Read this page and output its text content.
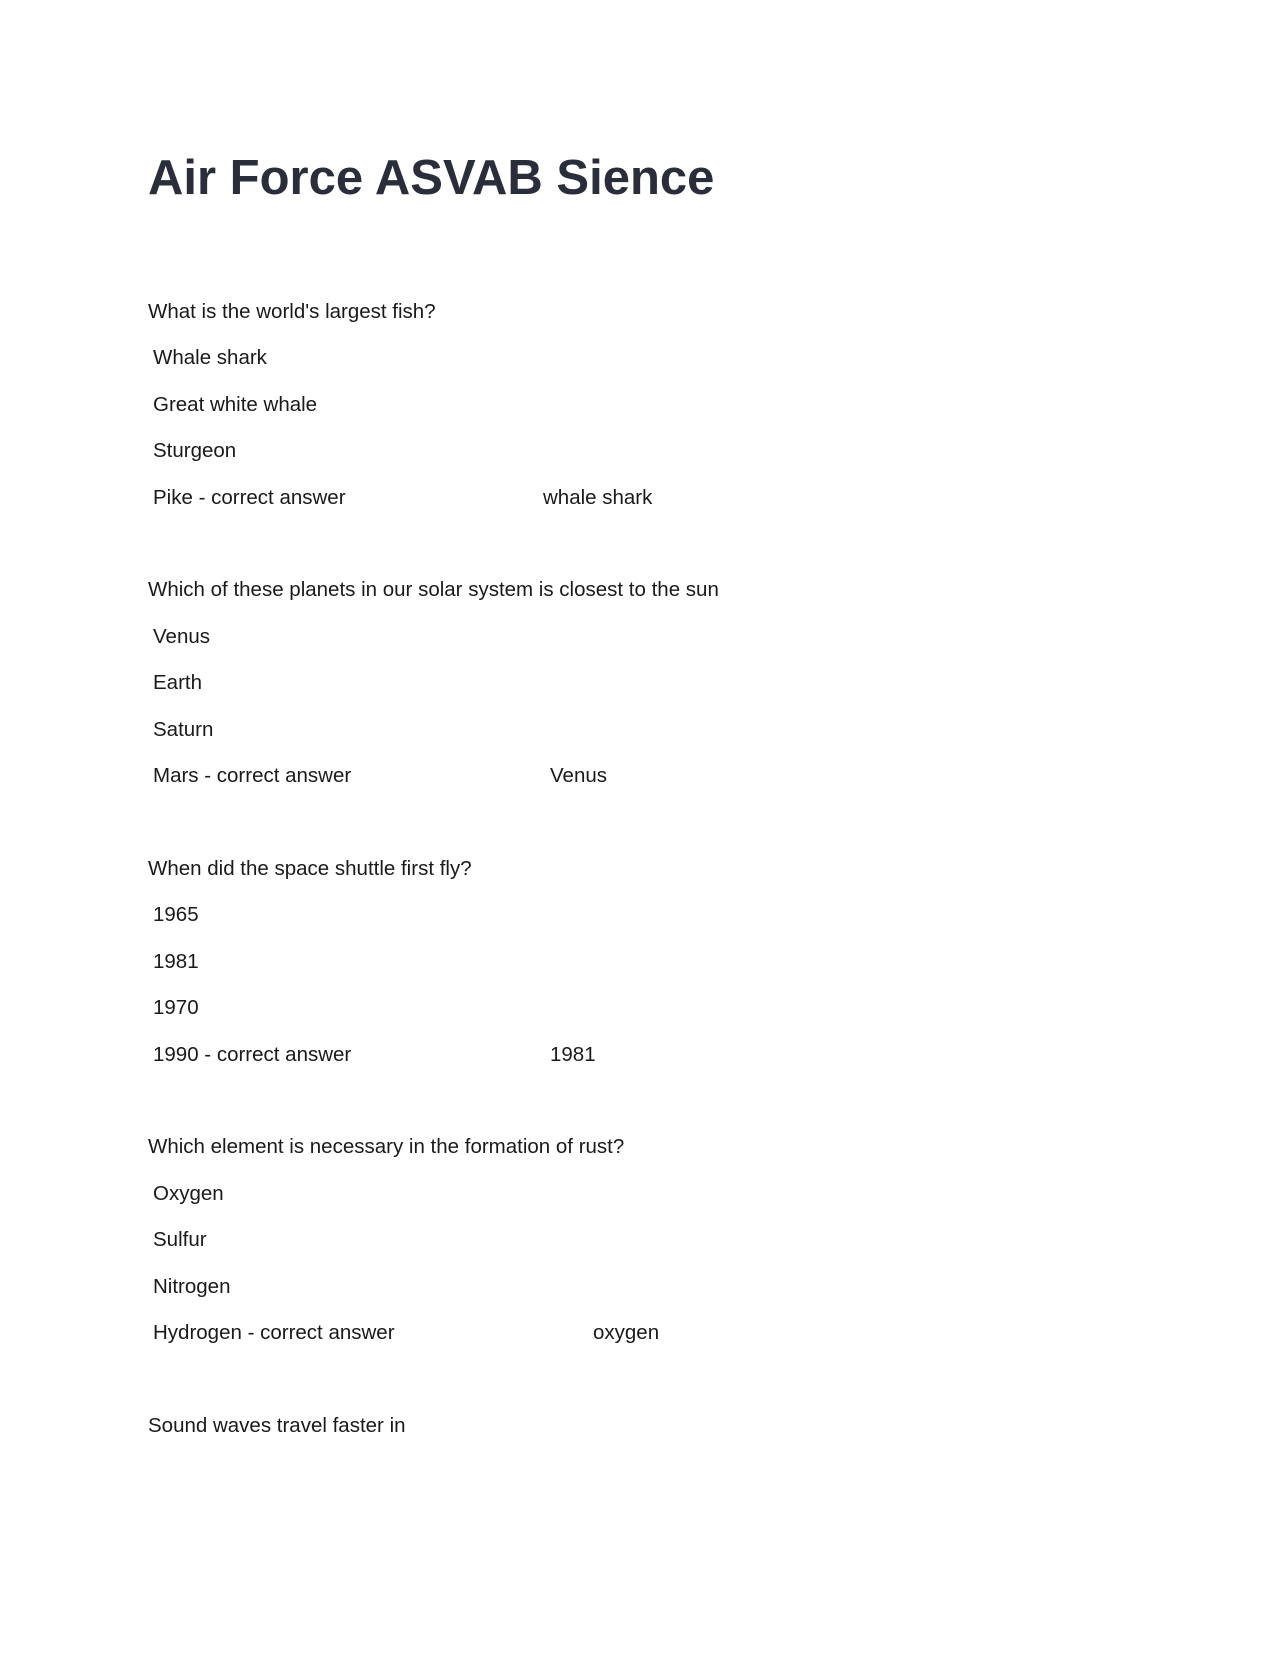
Air Force ASVAB Sience
What is the world's largest fish?
Whale shark
Great white whale
Sturgeon
Pike - correct answer	whale shark
Which of these planets in our solar system is closest to the sun
Venus
Earth
Saturn
Mars - correct answer	Venus
When did the space shuttle first fly?
1965
1981
1970
1990 - correct answer	1981
Which element is necessary in the formation of rust?
Oxygen
Sulfur
Nitrogen
Hydrogen - correct answer	oxygen
Sound waves travel faster in
